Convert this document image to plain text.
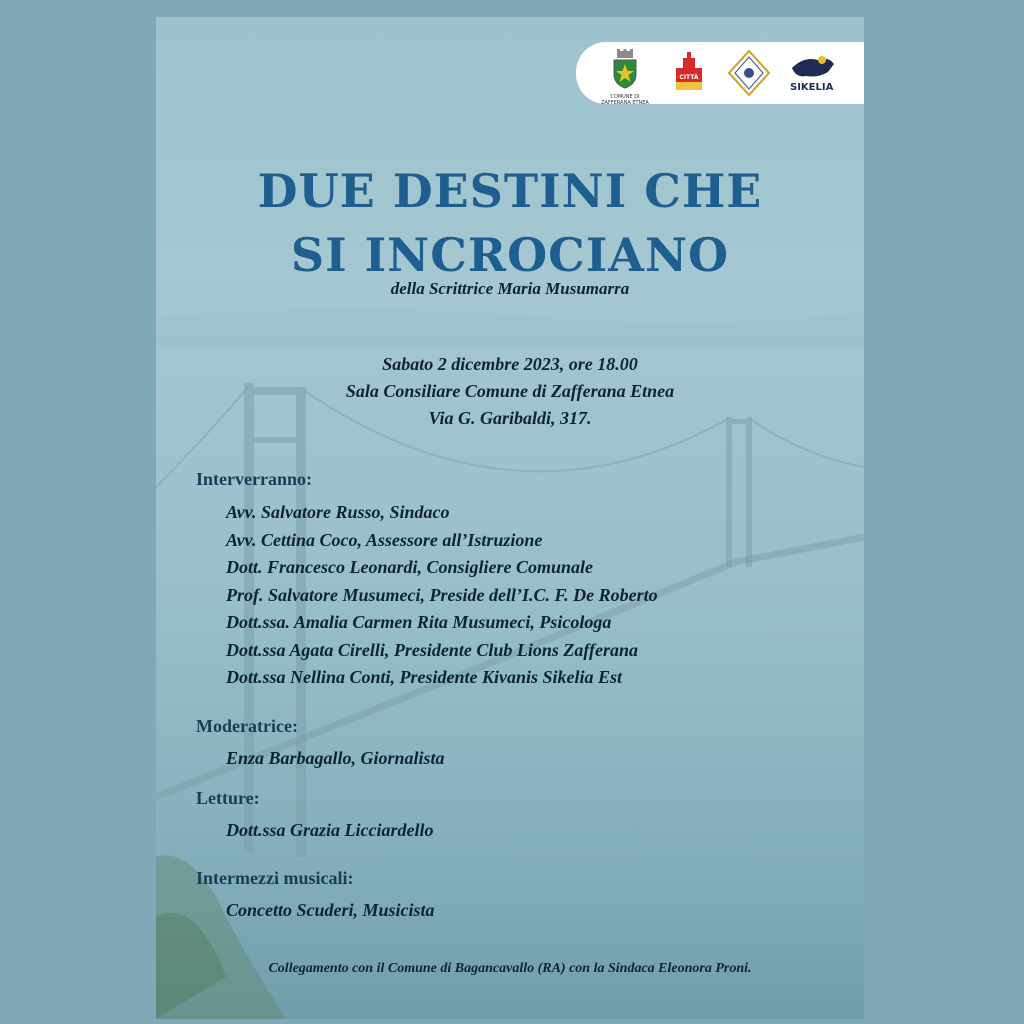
COMUNE DI
ZAFFERANA ETNEA
CITTÀ
SIKELIA
DUE DESTINI CHE
SI INCROCIANO
della Scrittrice Maria Musumarra
Sabato 2 dicembre 2023, ore 18.00
Sala Consiliare Comune di Zafferana Etnea
Via G. Garibaldi, 317.
Interverranno:
Avv. Salvatore Russo, Sindaco
Avv. Cettina Coco, Assessore all’Istruzione
Dott. Francesco Leonardi, Consigliere Comunale
Prof. Salvatore Musumeci, Preside dell’I.C. F. De Roberto
Dott.ssa. Amalia Carmen Rita Musumeci, Psicologa
Dott.ssa Agata Cirelli, Presidente Club Lions Zafferana
Dott.ssa Nellina Conti, Presidente Kivanis Sikelia Est
Moderatrice:
Enza Barbagallo, Giornalista
Letture:
Dott.ssa Grazia Licciardello
Intermezzi musicali:
Concetto Scuderi, Musicista
Collegamento con il Comune di Bagancavallo (RA) con la Sindaca Eleonora Proni.
